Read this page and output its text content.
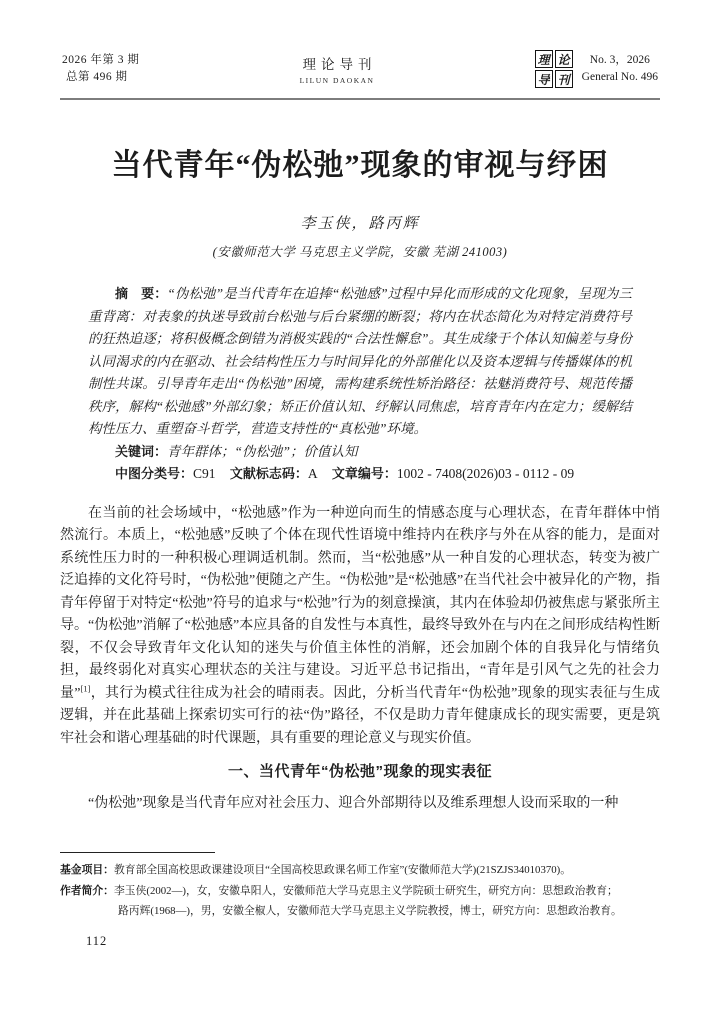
2026 年第 3 期
总第 496 期
理论导刊
LILUN DAOKAN
理 论
导 刊
No. 3，2026
General No. 496
当代青年“伪松弛”现象的审视与纾困
李玉侠，路丙辉
(安徽师范大学 马克思主义学院，安徽 芜湖 241003)

摘　要：“伪松弛”是当代青年在追捧“松弛感”过程中异化而形成的文化现象，呈现为三重背离：对表象的执迷导致前台松弛与后台紧绷的断裂；将内在状态简化为对特定消费符号的狂热追逐；将积极概念倒错为消极实践的“合法性懈怠”。其生成缘于个体认知偏差与身份认同渴求的内在驱动、社会结构性压力与时间异化的外部催化以及资本逻辑与传播媒体的机制性共谋。引导青年走出“伪松弛”困境，需构建系统性矫治路径：祛魅消费符号、规范传播秩序，解构“松弛感”外部幻象；矫正价值认知、纾解认同焦虑，培育青年内在定力；缓解结构性压力、重塑奋斗哲学，营造支持性的“真松弛”环境。

关键词：青年群体；“伪松弛”；价值认知

中图分类号：C91 文献标志码：A 文章编号：1002 - 7408(2026)03 - 0112 - 09

在当前的社会场域中，“松弛感”作为一种逆向而生的情感态度与心理状态，在青年群体中悄然流行。本质上，“松弛感”反映了个体在现代性语境中维持内在秩序与外在从容的能力，是面对系统性压力时的一种积极心理调适机制。然而，当“松弛感”从一种自发的心理状态，转变为被广泛追捧的文化符号时，“伪松弛”便随之产生。“伪松弛”是“松弛感”在当代社会中被异化的产物，指青年停留于对特定“松弛”符号的追求与“松弛”行为的刻意操演，其内在体验却仍被焦虑与紧张所主导。“伪松弛”消解了“松弛感”本应具备的自发性与本真性，最终导致外在与内在之间形成结构性断裂，不仅会导致青年文化认知的迷失与价值主体性的消解，还会加剧个体的自我异化与情绪负担，最终弱化对真实心理状态的关注与建设。习近平总书记指出，“青年是引风气之先的社会力量”[1]，其行为模式往往成为社会的晴雨表。因此，分析当代青年“伪松弛”现象的现实表征与生成逻辑，并在此基础上探索切实可行的祛“伪”路径，不仅是助力青年健康成长的现实需要，更是筑牢社会和谐心理基础的时代课题，具有重要的理论意义与现实价值。

一、当代青年“伪松弛”现象的现实表征

“伪松弛”现象是当代青年应对社会压力、迎合外部期待以及维系理想人设而采取的一种

基金项目：教育部全国高校思政课建设项目“全国高校思政课名师工作室”(安徽师范大学)(21SZJS34010370)。
作者简介：李玉侠(2002—)，女，安徽阜阳人，安徽师范大学马克思主义学院硕士研究生，研究方向：思想政治教育；
路丙辉(1968—)，男，安徽全椒人，安徽师范大学马克思主义学院教授，博士，研究方向：思想政治教育。
112
